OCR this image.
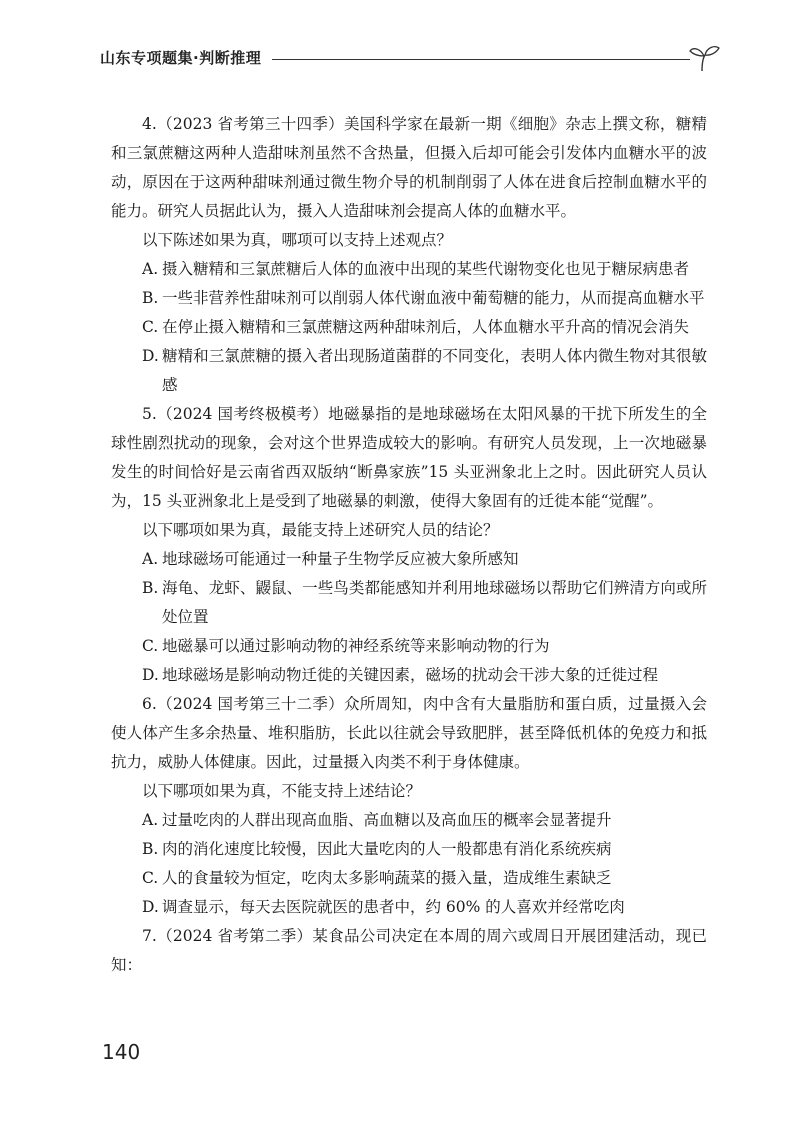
山东专项题集·判断推理

4.（2023 省考第三十四季）美国科学家在最新一期《细胞》杂志上撰文称，糖精和三氯蔗糖这两种人造甜味剂虽然不含热量，但摄入后却可能会引发体内血糖水平的波动，原因在于这两种甜味剂通过微生物介导的机制削弱了人体在进食后控制血糖水平的能力。研究人员据此认为，摄入人造甜味剂会提高人体的血糖水平。

以下陈述如果为真，哪项可以支持上述观点？

A. 摄入糖精和三氯蔗糖后人体的血液中出现的某些代谢物变化也见于糖尿病患者
B. 一些非营养性甜味剂可以削弱人体代谢血液中葡萄糖的能力，从而提高血糖水平
C. 在停止摄入糖精和三氯蔗糖这两种甜味剂后，人体血糖水平升高的情况会消失
D. 糖精和三氯蔗糖的摄入者出现肠道菌群的不同变化，表明人体内微生物对其很敏感

5.（2024 国考终极模考）地磁暴指的是地球磁场在太阳风暴的干扰下所发生的全球性剧烈扰动的现象，会对这个世界造成较大的影响。有研究人员发现，上一次地磁暴发生的时间恰好是云南省西双版纳“断鼻家族”15 头亚洲象北上之时。因此研究人员认为，15 头亚洲象北上是受到了地磁暴的刺激，使得大象固有的迁徙本能“觉醒”。

以下哪项如果为真，最能支持上述研究人员的结论？

A. 地球磁场可能通过一种量子生物学反应被大象所感知
B. 海龟、龙虾、鼹鼠、一些鸟类都能感知并利用地球磁场以帮助它们辨清方向或所处位置
C. 地磁暴可以通过影响动物的神经系统等来影响动物的行为
D. 地球磁场是影响动物迁徙的关键因素，磁场的扰动会干涉大象的迁徙过程

6.（2024 国考第三十二季）众所周知，肉中含有大量脂肪和蛋白质，过量摄入会使人体产生多余热量、堆积脂肪，长此以往就会导致肥胖，甚至降低机体的免疫力和抵抗力，威胁人体健康。因此，过量摄入肉类不利于身体健康。

以下哪项如果为真，不能支持上述结论？

A. 过量吃肉的人群出现高血脂、高血糖以及高血压的概率会显著提升
B. 肉的消化速度比较慢，因此大量吃肉的人一般都患有消化系统疾病
C. 人的食量较为恒定，吃肉太多影响蔬菜的摄入量，造成维生素缺乏
D. 调查显示，每天去医院就医的患者中，约 60% 的人喜欢并经常吃肉

7.（2024 省考第二季）某食品公司决定在本周的周六或周日开展团建活动，现已知：

140
